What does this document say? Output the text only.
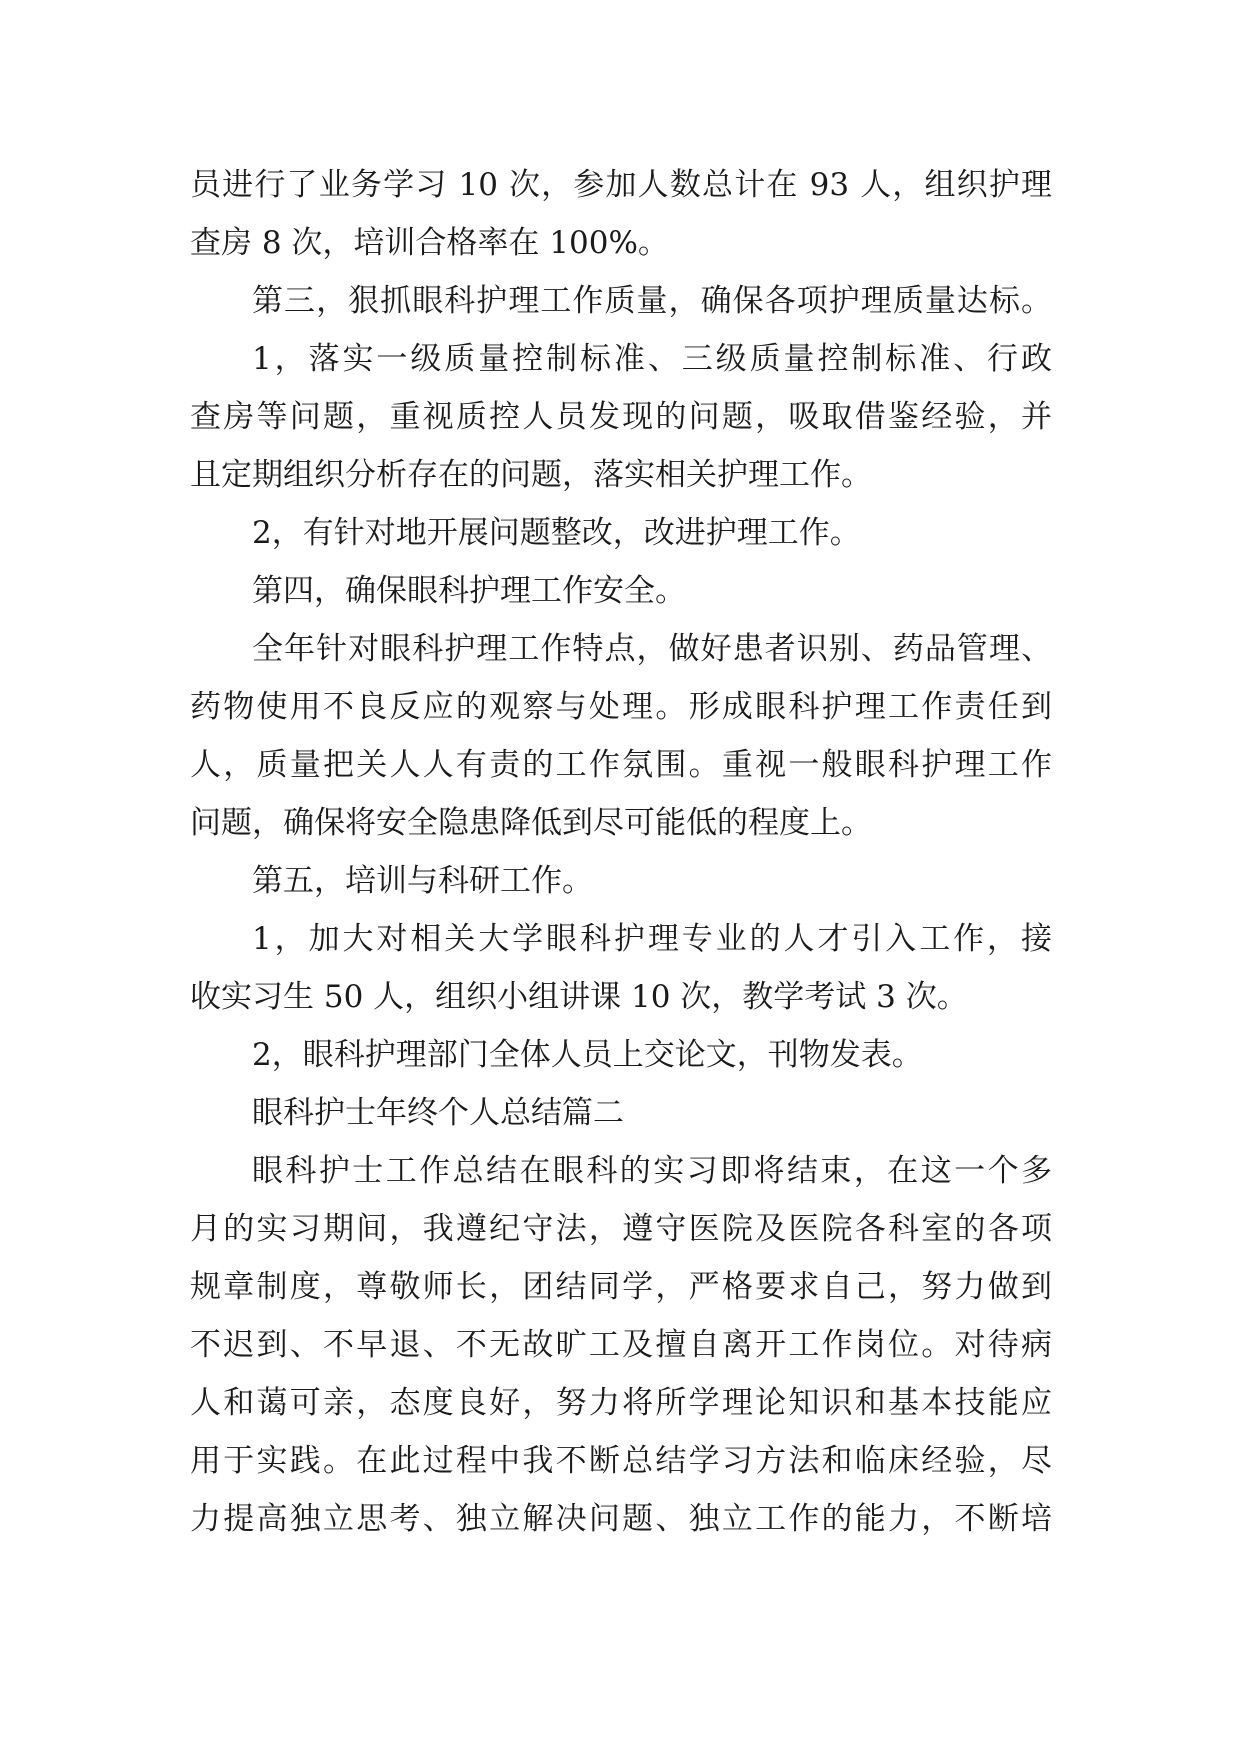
员进行了业务学习 10 次，参加人数总计在 93 人，组织护理
查房 8 次，培训合格率在 100%。
第三，狠抓眼科护理工作质量，确保各项护理质量达标。
1，落实一级质量控制标准、三级质量控制标准、行政
查房等问题，重视质控人员发现的问题，吸取借鉴经验，并
且定期组织分析存在的问题，落实相关护理工作。
2，有针对地开展问题整改，改进护理工作。
第四，确保眼科护理工作安全。
全年针对眼科护理工作特点，做好患者识别、药品管理、
药物使用不良反应的观察与处理。形成眼科护理工作责任到
人，质量把关人人有责的工作氛围。重视一般眼科护理工作
问题，确保将安全隐患降低到尽可能低的程度上。
第五，培训与科研工作。
1，加大对相关大学眼科护理专业的人才引入工作，接
收实习生 50 人，组织小组讲课 10 次，教学考试 3 次。
2，眼科护理部门全体人员上交论文，刊物发表。
眼科护士年终个人总结篇二
眼科护士工作总结在眼科的实习即将结束，在这一个多
月的实习期间，我遵纪守法，遵守医院及医院各科室的各项
规章制度，尊敬师长，团结同学，严格要求自己，努力做到
不迟到、不早退、不无故旷工及擅自离开工作岗位。对待病
人和蔼可亲，态度良好，努力将所学理论知识和基本技能应
用于实践。在此过程中我不断总结学习方法和临床经验，尽
力提高独立思考、独立解决问题、独立工作的能力，不断培
